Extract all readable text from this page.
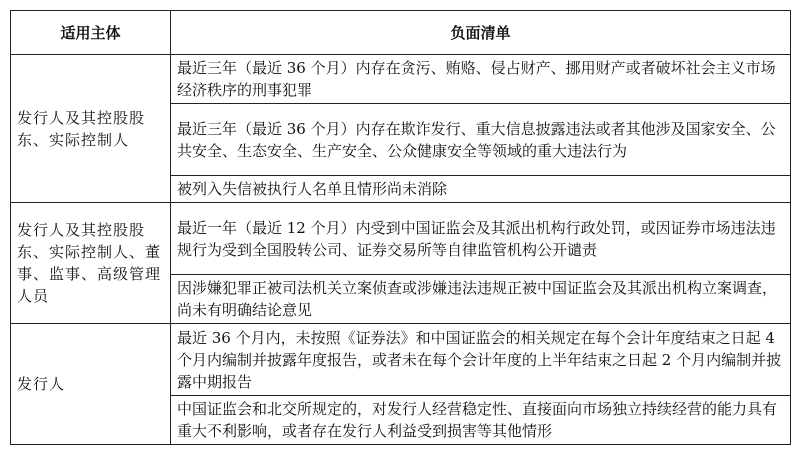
适用主体	负面清单
发行人及其控股股东、实际控制人	最近三年（最近 36 个月）内存在贪污、贿赂、侵占财产、挪用财产或者破坏社会主义市场经济秩序的刑事犯罪
	最近三年（最近 36 个月）内存在欺诈发行、重大信息披露违法或者其他涉及国家安全、公共安全、生态安全、生产安全、公众健康安全等领域的重大违法行为
	被列入失信被执行人名单且情形尚未消除
发行人及其控股股东、实际控制人、董事、监事、高级管理人员	最近一年（最近 12 个月）内受到中国证监会及其派出机构行政处罚，或因证券市场违法违规行为受到全国股转公司、证券交易所等自律监管机构公开谴责
	因涉嫌犯罪正被司法机关立案侦查或涉嫌违法违规正被中国证监会及其派出机构立案调查，尚未有明确结论意见
发行人	最近 36 个月内，未按照《证券法》和中国证监会的相关规定在每个会计年度结束之日起 4 个月内编制并披露年度报告，或者未在每个会计年度的上半年结束之日起 2 个月内编制并披露中期报告
	中国证监会和北交所规定的，对发行人经营稳定性、直接面向市场独立持续经营的能力具有重大不利影响，或者存在发行人利益受到损害等其他情形
